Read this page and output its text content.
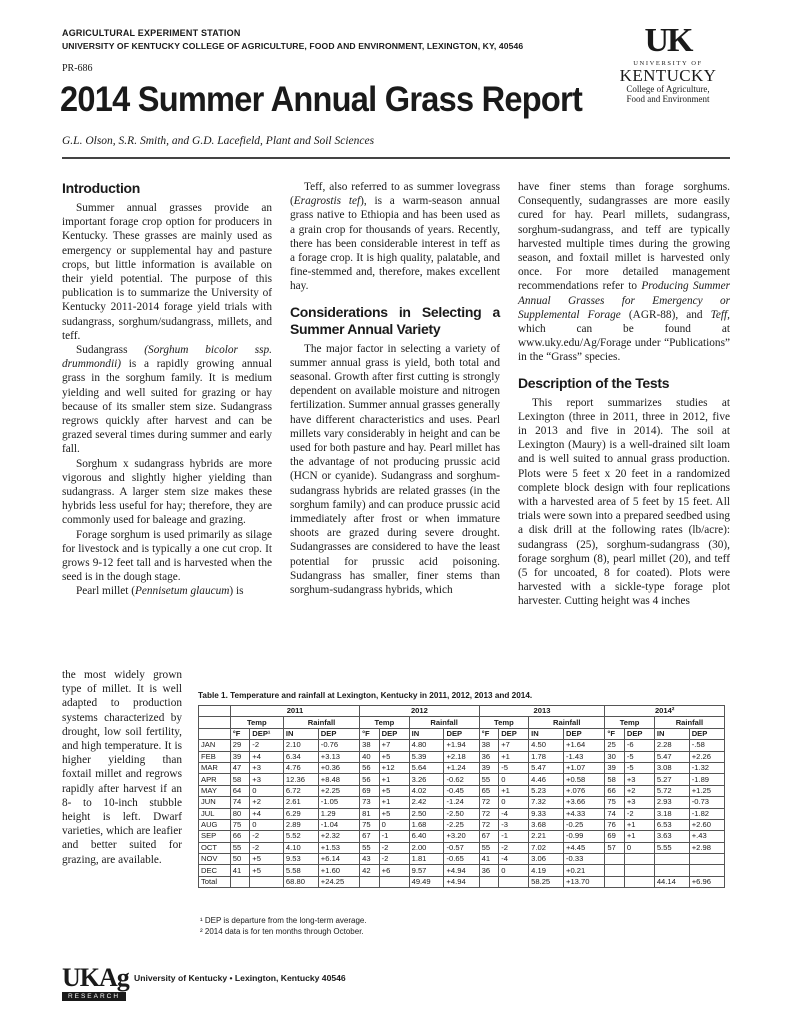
AGRICULTURAL EXPERIMENT STATION
UNIVERSITY OF KENTUCKY COLLEGE OF AGRICULTURE, FOOD AND ENVIRONMENT, LEXINGTON, KY, 40546
PR-686
2014 Summer Annual Grass Report
G.L. Olson, S.R. Smith, and G.D. Lacefield, Plant and Soil Sciences
UK
UNIVERSITY OF
KENTUCKY
College of Agriculture,
Food and Environment
Introduction

Summer annual grasses provide an important forage crop option for producers in Kentucky. These grasses are mainly used as emergency or supplemental hay and pasture crops, but little information is available on their yield potential. The purpose of this publication is to summarize the University of Kentucky 2011-2014 forage yield trials with sudangrass, sorghum/sudangrass, millets, and teff.

Sudangrass (Sorghum bicolor ssp. drummondii) is a rapidly growing annual grass in the sorghum family. It is medium yielding and well suited for grazing or hay because of its smaller stem size. Sudangrass regrows quickly after harvest and can be grazed several times during summer and early fall.

Sorghum x sudangrass hybrids are more vigorous and slightly higher yielding than sudangrass. A larger stem size makes these hybrids less useful for hay; therefore, they are commonly used for baleage and grazing.

Forage sorghum is used primarily as silage for livestock and is typically a one cut crop. It grows 9-12 feet tall and is harvested when the seed is in the dough stage.

Pearl millet (Pennisetum glaucum) is

the most widely grown type of millet. It is well adapted to production systems characterized by drought, low soil fertility, and high temperature. It is higher yielding than foxtail millet and regrows rapidly after harvest if an 8- to 10-inch stubble height is left. Dwarf varieties, which are leafier and better suited for grazing, are available.

Teff, also referred to as summer lovegrass (Eragrostis tef), is a warm-season annual grass native to Ethiopia and has been used as a grain crop for thousands of years. Recently, there has been considerable interest in teff as a forage crop. It is high quality, palatable, and fine-stemmed and, therefore, makes excellent hay.

Considerations in Selecting a Summer Annual Variety

The major factor in selecting a variety of summer annual grass is yield, both total and seasonal. Growth after first cutting is strongly dependent on available moisture and nitrogen fertilization. Summer annual grasses generally have different characteristics and uses. Pearl millets vary considerably in height and can be used for both pasture and hay. Pearl millet has the advantage of not producing prussic acid (HCN or cyanide). Sudangrass and sorghum-sudangrass hybrids are related grasses (in the sorghum family) and can produce prussic acid immediately after frost or when immature shoots are grazed during severe drought. Sudangrasses are considered to have the least potential for prussic acid poisoning. Sudangrass has smaller, finer stems than sorghum-sudangrass hybrids, which

have finer stems than forage sorghums. Consequently, sudangrasses are more easily cured for hay. Pearl millets, sudangrass, sorghum-sudangrass, and teff are typically harvested multiple times during the growing season, and foxtail millet is harvested only once. For more detailed management recommendations refer to Producing Summer Annual Grasses for Emergency or Supplemental Forage (AGR-88), and Teff, which can be found at www.uky.edu/Ag/Forage under “Publications” in the “Grass” species.

Description of the Tests

This report summarizes studies at Lexington (three in 2011, three in 2012, five in 2013 and five in 2014). The soil at Lexington (Maury) is a well-drained silt loam and is well suited to annual grass production. Plots were 5 feet x 20 feet in a randomized complete block design with four replications with a harvested area of 5 feet by 15 feet. All trials were sown into a prepared seedbed using a disk drill at the following rates (lb/acre): sudangrass (25), sorghum-sudangrass (30), forage sorghum (8), pearl millet (20), and teff (5 for uncoated, 8 for coated). Plots were harvested with a sickle-type forage plot harvester. Cutting height was 4 inches

Table 1. Temperature and rainfall at Lexington, Kentucky in 2011, 2012, 2013 and 2014.
	2011				2012				2013				2014²			
	Temp		Rainfall		Temp		Rainfall		Temp		Rainfall		Temp		Rainfall	
	°F	DEP¹	IN	DEP	°F	DEP	IN	DEP	°F	DEP	IN	DEP	°F	DEP	IN	DEP
JAN	29	-2	2.10	-0.76	38	+7	4.80	+1.94	38	+7	4.50	+1.64	25	-6	2.28	-.58
FEB	39	+4	6.34	+3.13	40	+5	5.39	+2.18	36	+1	1.78	-1.43	30	-5	5.47	+2.26
MAR	47	+3	4.76	+0.36	56	+12	5.64	+1.24	39	-5	5.47	+1.07	39	-5	3.08	-1.32
APR	58	+3	12.36	+8.48	56	+1	3.26	-0.62	55	0	4.46	+0.58	58	+3	5.27	-1.89
MAY	64	0	6.72	+2.25	69	+5	4.02	-0.45	65	+1	5.23	+.076	66	+2	5.72	+1.25
JUN	74	+2	2.61	-1.05	73	+1	2.42	-1.24	72	0	7.32	+3.66	75	+3	2.93	-0.73
JUL	80	+4	6.29	1.29	81	+5	2.50	-2.50	72	-4	9.33	+4.33	74	-2	3.18	-1.82
AUG	75	0	2.89	-1.04	75	0	1.68	-2.25	72	-3	3.68	-0.25	76	+1	6.53	+2.60
SEP	66	-2	5.52	+2.32	67	-1	6.40	+3.20	67	-1	2.21	-0.99	69	+1	3.63	+.43
OCT	55	-2	4.10	+1.53	55	-2	2.00	-0.57	55	-2	7.02	+4.45	57	0	5.55	+2.98
NOV	50	+5	9.53	+6.14	43	-2	1.81	-0.65	41	-4	3.06	-0.33				
DEC	41	+5	5.58	+1.60	42	+6	9.57	+4.94	36	0	4.19	+0.21				
Total			68.80	+24.25			49.49	+4.94			58.25	+13.70			44.14	+6.96
¹ DEP is departure from the long-term average.
² 2014 data is for ten months through October.
UKAg
RESEARCH
University of Kentucky • Lexington, Kentucky 40546
